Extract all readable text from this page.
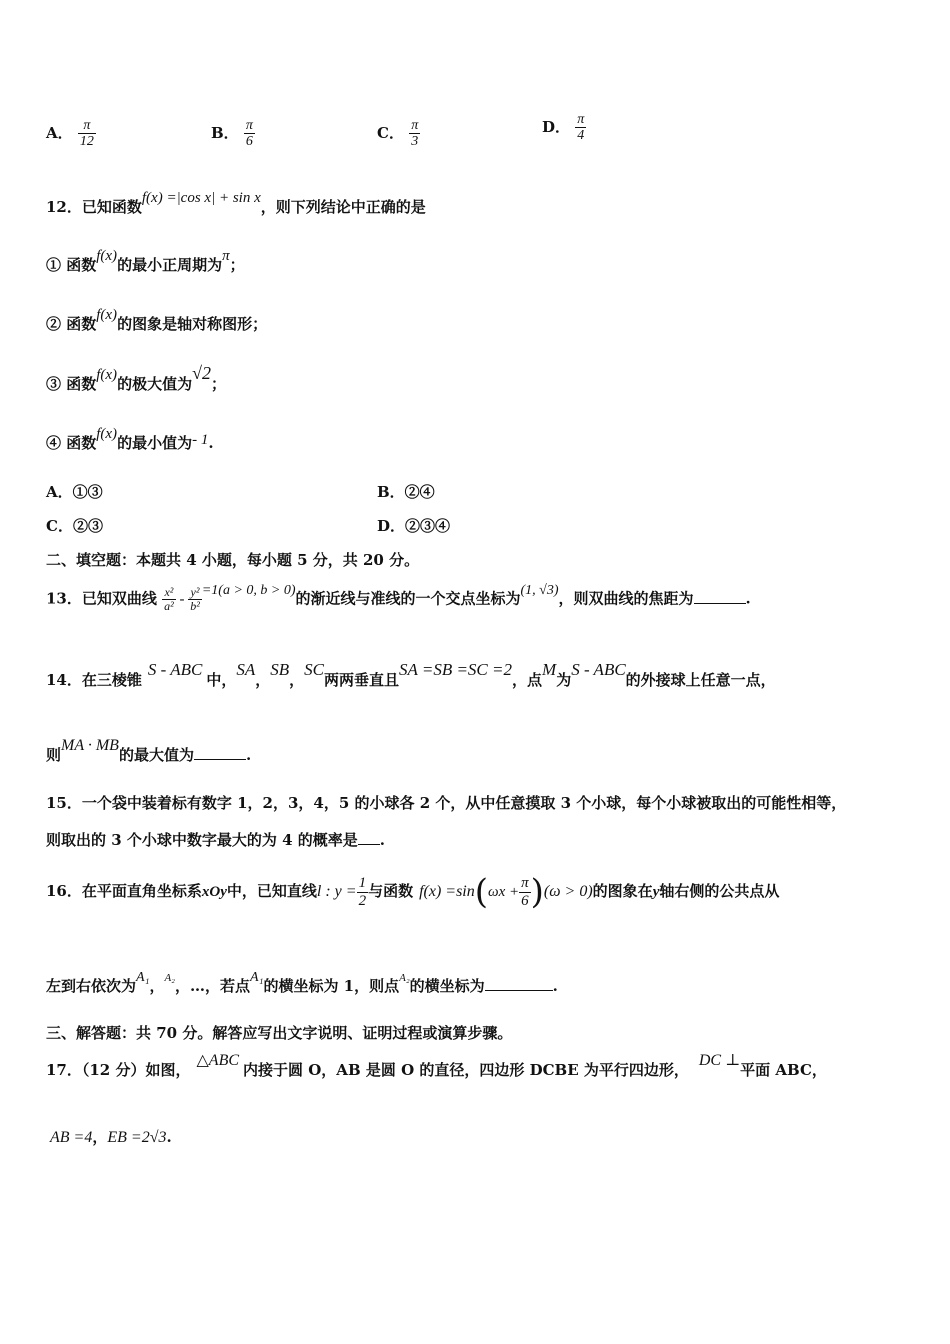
A． $\frac{\pi}{12}$	B． $\frac{\pi}{6}$	C． $\frac{\pi}{3}$	D． $\frac{\pi}{4}$
12．已知函数f(x) =|cos x| + sin x，则下列结论中正确的是
① 函数f(x)的最小正周期为π；
② 函数f(x)的图象是轴对称图形；
③ 函数f(x)的极大值为√2；
④ 函数f(x)的最小值为- 1.
A．①③	B．②④
C．②③	D．②③④
二、填空题：本题共 4 小题，每小题 5 分，共 20 分。
13．已知双曲线 $\frac{\text{x²}}{\text{a²}} - \frac{\text{y²}}{\text{b²}} =1(a > 0$, b > 0)的渐近线与准线的一个交点坐标为(1, √3)，则双曲线的焦距为	.
14．在三棱锥S - ABC中，SA，SB，SC两两垂直且SA =SB =SC =2，点M为S - ABC的外接球上任意一点，
则MA · MB的最大值为	.
15．一个袋中装着标有数字 1，2，3，4，5 的小球各 2 个，从中任意摸取 3 个小球，每个小球被取出的可能性相等，
则取出的 3 个小球中数字最大的为 4 的概率是 .
16．在平面直角坐标系xOy中，已知直线l : $y = \frac{1}{2}$ 与函数 $f(x) =\sin(\omega x + \frac{\pi}{6} )(\omega > 0)$的图象在y轴右侧的公共点从
左到右依次为A₁，$^{A_2}$，…，若点A₁的横坐标为 1，则点$^{A_2}$的横坐标为	.
三、解答题：共 70 分。解答应写出文字说明、证明过程或演算步骤。
17．（12 分）如图，△ABC内接于圆 O，AB 是圆 O 的直径，四边形 DCBE 为平行四边形，DC ⊥平面 ABC，
AB =4，EB =2√3.
